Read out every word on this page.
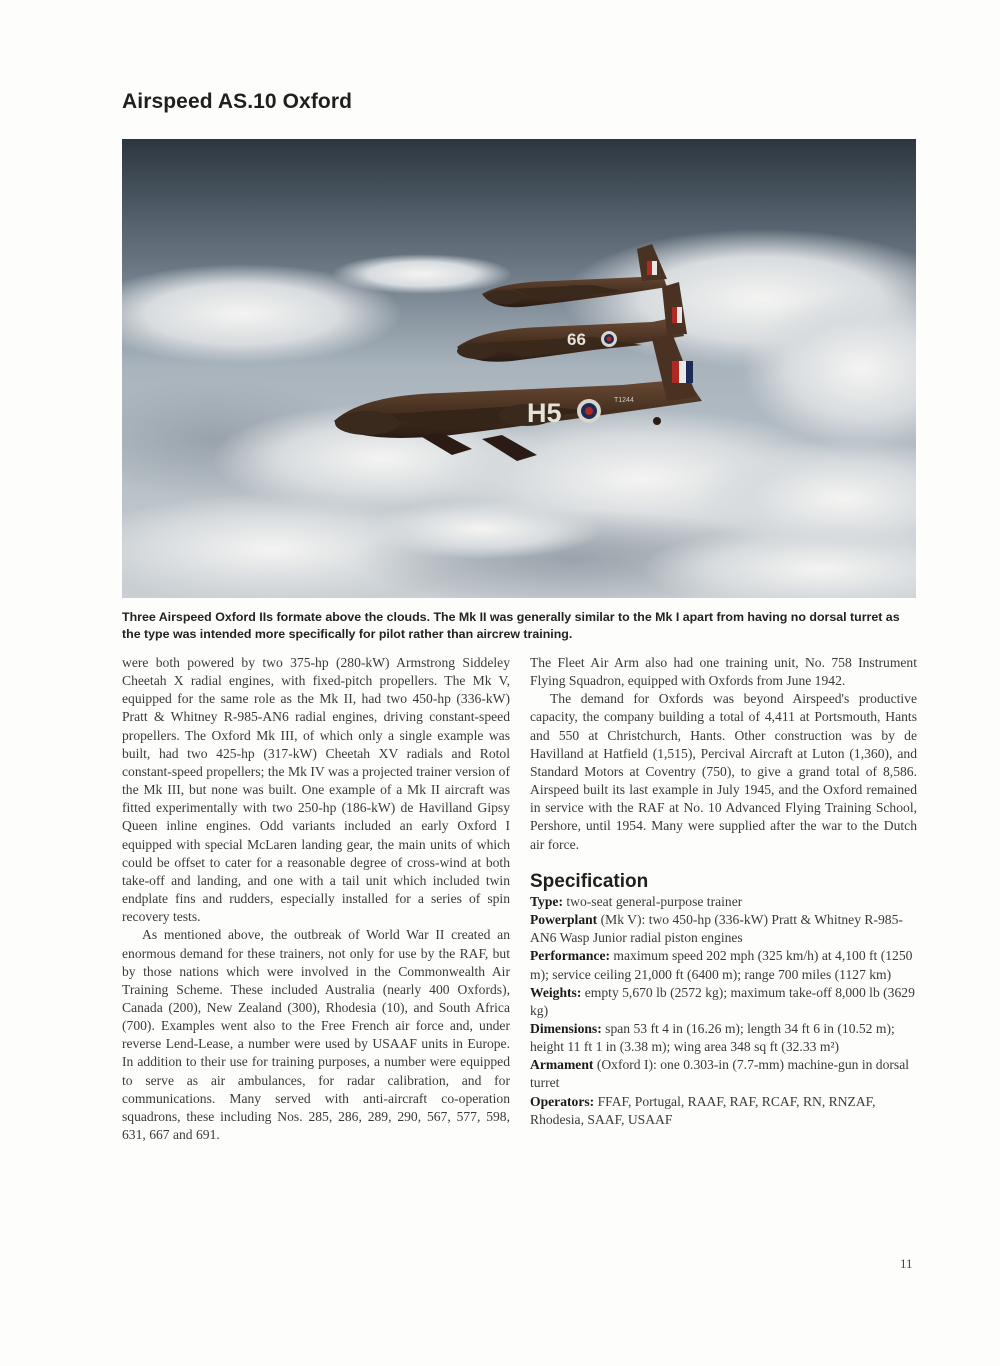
Airspeed AS.10 Oxford
66
H5	T1244

Three Airspeed Oxford IIs formate above the clouds. The Mk II was generally similar to the Mk I apart from having no dorsal turret as the type was intended more specifically for pilot rather than aircrew training.

were both powered by two 375-hp (280-kW) Armstrong Siddeley Cheetah X radial engines, with fixed-pitch propellers. The Mk V, equipped for the same role as the Mk II, had two 450-hp (336-kW) Pratt & Whitney R-985-AN6 radial engines, driving constant-speed propellers. The Oxford Mk III, of which only a single example was built, had two 425-hp (317-kW) Cheetah XV radials and Rotol constant-speed propellers; the Mk IV was a projected trainer version of the Mk III, but none was built. One example of a Mk II aircraft was fitted experimentally with two 250-hp (186-kW) de Havilland Gipsy Queen inline engines. Odd variants included an early Oxford I equipped with special McLaren landing gear, the main units of which could be offset to cater for a reasonable degree of cross-wind at both take-off and landing, and one with a tail unit which included twin endplate fins and rudders, especially installed for a series of spin recovery tests.

As mentioned above, the outbreak of World War II created an enormous demand for these trainers, not only for use by the RAF, but by those nations which were involved in the Commonwealth Air Training Scheme. These included Australia (nearly 400 Oxfords), Canada (200), New Zealand (300), Rhodesia (10), and South Africa (700). Examples went also to the Free French air force and, under reverse Lend-Lease, a number were used by USAAF units in Europe. In addition to their use for training purposes, a number were equipped to serve as air ambulances, for radar calibration, and for communications. Many served with anti-aircraft co-operation squadrons, these including Nos. 285, 286, 289, 290, 567, 577, 598, 631, 667 and 691.

The Fleet Air Arm also had one training unit, No. 758 Instrument Flying Squadron, equipped with Oxfords from June 1942.

The demand for Oxfords was beyond Airspeed's productive capacity, the company building a total of 4,411 at Portsmouth, Hants and 550 at Christchurch, Hants. Other construction was by de Havilland at Hatfield (1,515), Percival Aircraft at Luton (1,360), and Standard Motors at Coventry (750), to give a grand total of 8,586. Airspeed built its last example in July 1945, and the Oxford remained in service with the RAF at No. 10 Advanced Flying Training School, Pershore, until 1954. Many were supplied after the war to the Dutch air force.

Specification

Type: two-seat general-purpose trainer

Powerplant (Mk V): two 450-hp (336-kW) Pratt & Whitney R-985-AN6 Wasp Junior radial piston engines

Performance: maximum speed 202 mph (325 km/h) at 4,100 ft (1250 m); service ceiling 21,000 ft (6400 m); range 700 miles (1127 km)

Weights: empty 5,670 lb (2572 kg); maximum take-off 8,000 lb (3629 kg)

Dimensions: span 53 ft 4 in (16.26 m); length 34 ft 6 in (10.52 m); height 11 ft 1 in (3.38 m); wing area 348 sq ft (32.33 m²)

Armament (Oxford I): one 0.303-in (7.7-mm) machine-gun in dorsal turret

Operators: FFAF, Portugal, RAAF, RAF, RCAF, RN, RNZAF, Rhodesia, SAAF, USAAF

11
